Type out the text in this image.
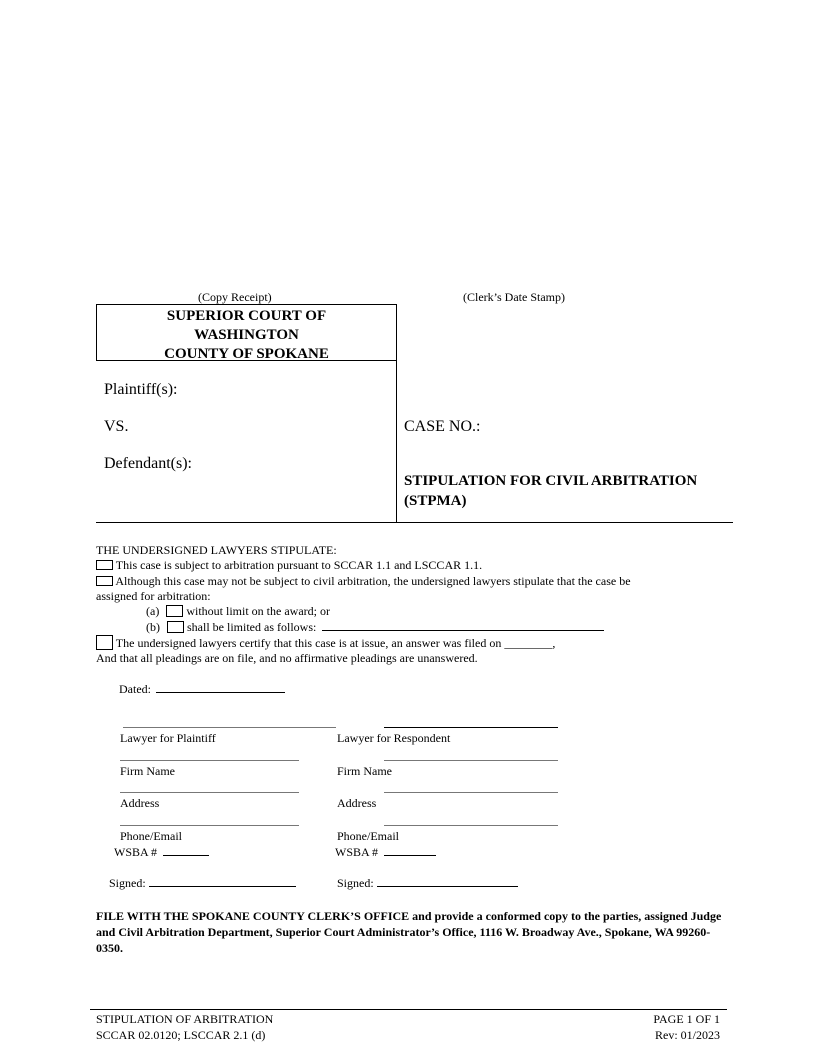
(Copy Receipt)	(Clerk’s Date Stamp)
SUPERIOR COURT OF
WASHINGTON
COUNTY OF SPOKANE
Plaintiff(s):
VS.
Defendant(s):
CASE NO.:
STIPULATION FOR CIVIL ARBITRATION
(STPMA)
THE UNDERSIGNED LAWYERS STIPULATE:
This case is subject to arbitration pursuant to SCCAR 1.1 and LSCCAR 1.1.
Although this case may not be subject to civil arbitration, the undersigned lawyers stipulate that the case be
assigned for arbitration:
(a) without limit on the award; or
(b) shall be limited as follows:
The undersigned lawyers certify that this case is at issue, an answer was filed on ________,
And that all pleadings are on file, and no affirmative pleadings are unanswered.
Dated:
Lawyer for Plaintiff	Lawyer for Respondent
Firm Name	Firm Name
Address	Address
Phone/Email	Phone/Email
WSBA #	WSBA #
Signed:	Signed:
FILE WITH THE SPOKANE COUNTY CLERK’S OFFICE and provide a conformed copy to the parties, assigned Judge and Civil Arbitration Department, Superior Court Administrator’s Office, 1116 W. Broadway Ave., Spokane, WA 99260-0350.
STIPULATION OF ARBITRATION
SCCAR 02.0120; LSCCAR 2.1 (d)
PAGE 1 OF 1
Rev: 01/2023
